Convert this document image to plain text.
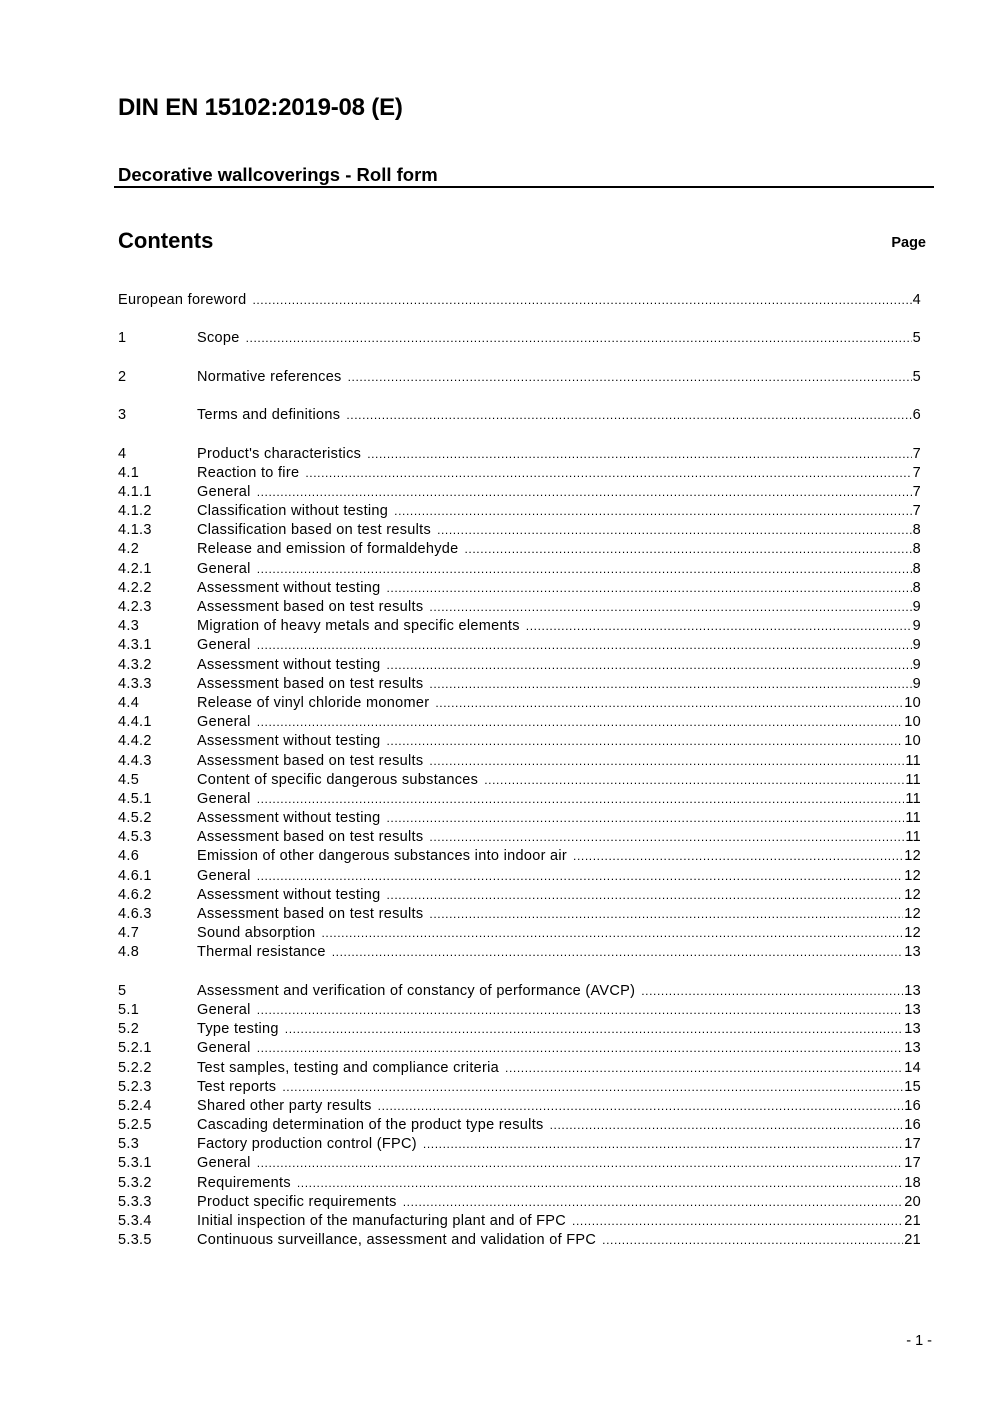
DIN EN 15102:2019-08 (E)
Decorative wallcoverings - Roll form
Contents	Page
European foreword .....	4
1	Scope .....	5
2	Normative references .....	5
3	Terms and definitions .....	6
4	Product's characteristics .....	7
4.1	Reaction to fire .....	7
4.1.1	General .....	7
4.1.2	Classification without testing .....	7
4.1.3	Classification based on test results .....	8
4.2	Release and emission of formaldehyde .....	8
4.2.1	General .....	8
4.2.2	Assessment without testing .....	8
4.2.3	Assessment based on test results .....	9
4.3	Migration of heavy metals and specific elements .....	9
4.3.1	General .....	9
4.3.2	Assessment without testing .....	9
4.3.3	Assessment based on test results .....	9
4.4	Release of vinyl chloride monomer .....	10
4.4.1	General .....	10
4.4.2	Assessment without testing .....	10
4.4.3	Assessment based on test results .....	11
4.5	Content of specific dangerous substances .....	11
4.5.1	General .....	11
4.5.2	Assessment without testing .....	11
4.5.3	Assessment based on test results .....	11
4.6	Emission of other dangerous substances into indoor air .....	12
4.6.1	General .....	12
4.6.2	Assessment without testing .....	12
4.6.3	Assessment based on test results .....	12
4.7	Sound absorption .....	12
4.8	Thermal resistance .....	13
5	Assessment and verification of constancy of performance (AVCP) .....	13
5.1	General .....	13
5.2	Type testing .....	13
5.2.1	General .....	13
5.2.2	Test samples, testing and compliance criteria .....	14
5.2.3	Test reports .....	15
5.2.4	Shared other party results .....	16
5.2.5	Cascading determination of the product type results .....	16
5.3	Factory production control (FPC) .....	17
5.3.1	General .....	17
5.3.2	Requirements .....	18
5.3.3	Product specific requirements .....	20
5.3.4	Initial inspection of the manufacturing plant and of FPC .....	21
5.3.5	Continuous surveillance, assessment and validation of FPC .....	21
- 1 -
